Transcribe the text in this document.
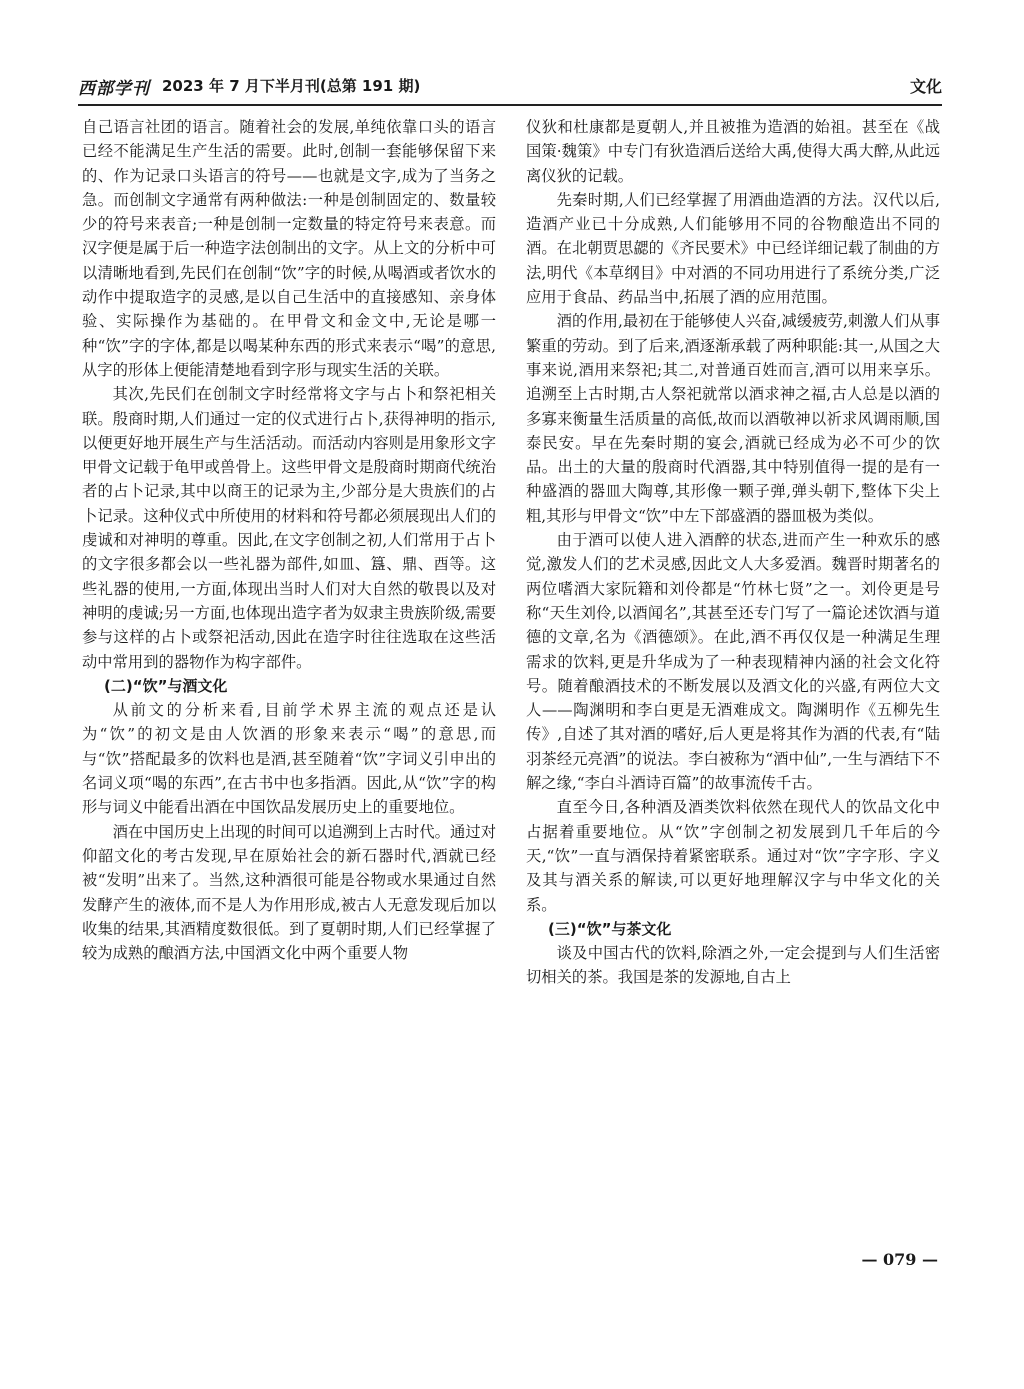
西部学刊 2023 年 7 月下半月刊(总第 191 期)	文化

自己语言社团的语言。随着社会的发展,单纯依靠口头的语言已经不能满足生产生活的需要。此时,创制一套能够保留下来的、作为记录口头语言的符号——也就是文字,成为了当务之急。而创制文字通常有两种做法:一种是创制固定的、数量较少的符号来表音;一种是创制一定数量的特定符号来表意。而汉字便是属于后一种造字法创制出的文字。从上文的分析中可以清晰地看到,先民们在创制“饮”字的时候,从喝酒或者饮水的动作中提取造字的灵感,是以自己生活中的直接感知、亲身体验、实际操作为基础的。在甲骨文和金文中,无论是哪一种“饮”字的字体,都是以喝某种东西的形式来表示“喝”的意思,从字的形体上便能清楚地看到字形与现实生活的关联。

其次,先民们在创制文字时经常将文字与占卜和祭祀相关联。殷商时期,人们通过一定的仪式进行占卜,获得神明的指示,以便更好地开展生产与生活活动。而活动内容则是用象形文字甲骨文记载于龟甲或兽骨上。这些甲骨文是殷商时期商代统治者的占卜记录,其中以商王的记录为主,少部分是大贵族们的占卜记录。这种仪式中所使用的材料和符号都必须展现出人们的虔诚和对神明的尊重。因此,在文字创制之初,人们常用于占卜的文字很多都会以一些礼器为部件,如皿、簋、鼎、酉等。这些礼器的使用,一方面,体现出当时人们对大自然的敬畏以及对神明的虔诚;另一方面,也体现出造字者为奴隶主贵族阶级,需要参与这样的占卜或祭祀活动,因此在造字时往往选取在这些活动中常用到的器物作为构字部件。

(二)“饮”与酒文化

从前文的分析来看,目前学术界主流的观点还是认为“饮”的初文是由人饮酒的形象来表示“喝”的意思,而与“饮”搭配最多的饮料也是酒,甚至随着“饮”字词义引申出的名词义项“喝的东西”,在古书中也多指酒。因此,从“饮”字的构形与词义中能看出酒在中国饮品发展历史上的重要地位。

酒在中国历史上出现的时间可以追溯到上古时代。通过对仰韶文化的考古发现,早在原始社会的新石器时代,酒就已经被“发明”出来了。当然,这种酒很可能是谷物或水果通过自然发酵产生的液体,而不是人为作用形成,被古人无意发现后加以收集的结果,其酒精度数很低。到了夏朝时期,人们已经掌握了较为成熟的酿酒方法,中国酒文化中两个重要人物

仪狄和杜康都是夏朝人,并且被推为造酒的始祖。甚至在《战国策·魏策》中专门有狄造酒后送给大禹,使得大禹大醉,从此远离仪狄的记载。

先秦时期,人们已经掌握了用酒曲造酒的方法。汉代以后,造酒产业已十分成熟,人们能够用不同的谷物酿造出不同的酒。在北朝贾思勰的《齐民要术》中已经详细记载了制曲的方法,明代《本草纲目》中对酒的不同功用进行了系统分类,广泛应用于食品、药品当中,拓展了酒的应用范围。

酒的作用,最初在于能够使人兴奋,减缓疲劳,刺激人们从事繁重的劳动。到了后来,酒逐渐承载了两种职能:其一,从国之大事来说,酒用来祭祀;其二,对普通百姓而言,酒可以用来享乐。追溯至上古时期,古人祭祀就常以酒求神之福,古人总是以酒的多寡来衡量生活质量的高低,故而以酒敬神以祈求风调雨顺,国泰民安。早在先秦时期的宴会,酒就已经成为必不可少的饮品。出土的大量的殷商时代酒器,其中特别值得一提的是有一种盛酒的器皿大陶尊,其形像一颗子弹,弹头朝下,整体下尖上粗,其形与甲骨文“饮”中左下部盛酒的器皿极为类似。

由于酒可以使人进入酒醉的状态,进而产生一种欢乐的感觉,激发人们的艺术灵感,因此文人大多爱酒。魏晋时期著名的两位嗜酒大家阮籍和刘伶都是“竹林七贤”之一。刘伶更是号称“天生刘伶,以酒闻名”,其甚至还专门写了一篇论述饮酒与道德的文章,名为《酒德颂》。在此,酒不再仅仅是一种满足生理需求的饮料,更是升华成为了一种表现精神内涵的社会文化符号。随着酿酒技术的不断发展以及酒文化的兴盛,有两位大文人——陶渊明和李白更是无酒难成文。陶渊明作《五柳先生传》,自述了其对酒的嗜好,后人更是将其作为酒的代表,有“陆羽茶经元亮酒”的说法。李白被称为“酒中仙”,一生与酒结下不解之缘,“李白斗酒诗百篇”的故事流传千古。

直至今日,各种酒及酒类饮料依然在现代人的饮品文化中占据着重要地位。从“饮”字创制之初发展到几千年后的今天,“饮”一直与酒保持着紧密联系。通过对“饮”字字形、字义及其与酒关系的解读,可以更好地理解汉字与中华文化的关系。

(三)“饮”与茶文化

谈及中国古代的饮料,除酒之外,一定会提到与人们生活密切相关的茶。我国是茶的发源地,自古上

— 079 —
